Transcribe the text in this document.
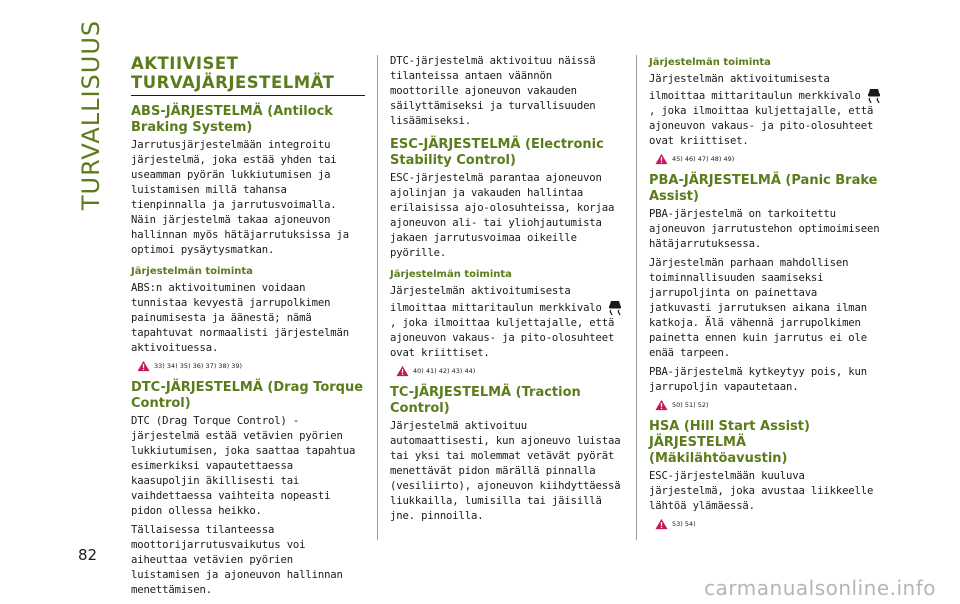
TURVALLISUUS
82
AKTIIVISET TURVAJÄRJESTELMÄT
ABS-JÄRJESTELMÄ (Antilock Braking System)

Jarrutusjärjestelmään integroitu järjestelmä, joka estää yhden tai useamman pyörän lukkiutumisen ja luistamisen millä tahansa tienpinnalla ja jarrutusvoimalla. Näin järjestelmä takaa ajoneuvon hallinnan myös hätäjarrutuksissa ja optimoi pysäytysmatkan.

Järjestelmän toiminta

ABS:n aktivoituminen voidaan tunnistaa kevyestä jarrupolkimen painumisesta ja äänestä; nämä tapahtuvat normaalisti järjestelmän aktivoituessa.

33) 34) 35) 36) 37) 38) 39)
DTC-JÄRJESTELMÄ (Drag Torque Control)

DTC (Drag Torque Control) -järjestelmä estää vetävien pyörien lukkiutumisen, joka saattaa tapahtua esimerkiksi vapautettaessa kaasupoljin äkillisesti tai vaihdettaessa vaihteita nopeasti pidon ollessa heikko.

Tällaisessa tilanteessa moottorijarrutusvaikutus voi aiheuttaa vetävien pyörien luistamisen ja ajoneuvon hallinnan menettämisen.

DTC-järjestelmä aktivoituu näissä tilanteissa antaen väännön moottorille ajoneuvon vakauden säilyttämiseksi ja turvallisuuden lisäämiseksi.

ESC-JÄRJESTELMÄ (Electronic Stability Control)

ESC-järjestelmä parantaa ajoneuvon ajolinjan ja vakauden hallintaa erilaisissa ajo-olosuhteissa, korjaa ajoneuvon ali- tai yliohjautumista jakaen jarrutusvoimaa oikeille pyörille.

Järjestelmän toiminta

Järjestelmän aktivoitumisesta ilmoittaa mittaritaulun merkkivalo , joka ilmoittaa kuljettajalle, että ajoneuvon vakaus- ja pito-olosuhteet ovat kriittiset.

40) 41) 42) 43) 44)
TC-JÄRJESTELMÄ (Traction Control)

Järjestelmä aktivoituu automaattisesti, kun ajoneuvo luistaa tai yksi tai molemmat vetävät pyörät menettävät pidon märällä pinnalla (vesiliirto), ajoneuvon kiihdyttäessä liukkailla, lumisilla tai jäisillä jne. pinnoilla.

Järjestelmän toiminta

Järjestelmän aktivoitumisesta ilmoittaa mittaritaulun merkkivalo , joka ilmoittaa kuljettajalle, että ajoneuvon vakaus- ja pito-olosuhteet ovat kriittiset.

45) 46) 47) 48) 49)
PBA-JÄRJESTELMÄ (Panic Brake Assist)

PBA-järjestelmä on tarkoitettu ajoneuvon jarrutustehon optimoimiseen hätäjarrutuksessa.

Järjestelmän parhaan mahdollisen toiminnallisuuden saamiseksi jarrupoljinta on painettava jatkuvasti jarrutuksen aikana ilman katkoja. Älä vähennä jarrupolkimen painetta ennen kuin jarrutus ei ole enää tarpeen.

PBA-järjestelmä kytkeytyy pois, kun jarrupoljin vapautetaan.

50) 51) 52)
HSA (Hill Start Assist) JÄRJESTELMÄ (Mäkilähtöavustin)

ESC-järjestelmään kuuluva järjestelmä, joka avustaa liikkeelle lähtöä ylämäessä.

53) 54)
carmanualsonline.info
